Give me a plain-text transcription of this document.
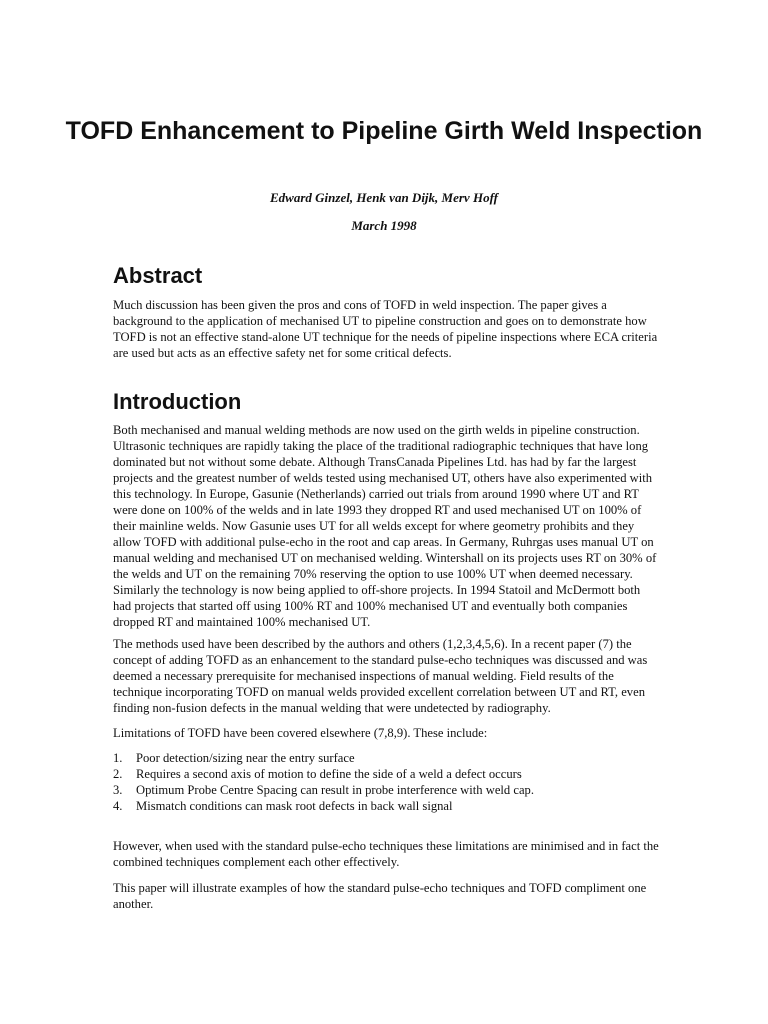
TOFD Enhancement to Pipeline Girth Weld Inspection
Edward Ginzel, Henk van Dijk, Merv Hoff
March 1998
Abstract

Much discussion has been given the pros and cons of TOFD in weld inspection. The paper gives a background to the application of mechanised UT to pipeline construction and goes on to demonstrate how TOFD is not an effective stand-alone UT technique for the needs of pipeline inspections where ECA criteria are used but acts as an effective safety net for some critical defects.

Introduction

Both mechanised and manual welding methods are now used on the girth welds in pipeline construction. Ultrasonic techniques are rapidly taking the place of the traditional radiographic techniques that have long dominated but not without some debate. Although TransCanada Pipelines Ltd. has had by far the largest projects and the greatest number of welds tested using mechanised UT, others have also experimented with this technology. In Europe, Gasunie (Netherlands) carried out trials from around 1990 where UT and RT were done on 100% of the welds and in late 1993 they dropped RT and used mechanised UT on 100% of their mainline welds. Now Gasunie uses UT for all welds except for where geometry prohibits and they allow TOFD with additional pulse-echo in the root and cap areas. In Germany, Ruhrgas uses manual UT on manual welding and mechanised UT on mechanised welding. Wintershall on its projects uses RT on 30% of the welds and UT on the remaining 70% reserving the option to use 100% UT when deemed necessary. Similarly the technology is now being applied to off-shore projects. In 1994 Statoil and McDermott both had projects that started off using 100% RT and 100% mechanised UT and eventually both companies dropped RT and maintained 100% mechanised UT.

The methods used have been described by the authors and others (1,2,3,4,5,6). In a recent paper (7) the concept of adding TOFD as an enhancement to the standard pulse-echo techniques was discussed and was deemed a necessary prerequisite for mechanised inspections of manual welding. Field results of the technique incorporating TOFD on manual welds provided excellent correlation between UT and RT, even finding non-fusion defects in the manual welding that were undetected by radiography.

Limitations of TOFD have been covered elsewhere (7,8,9). These include:

1. Poor detection/sizing near the entry surface
2. Requires a second axis of motion to define the side of a weld a defect occurs
3. Optimum Probe Centre Spacing can result in probe interference with weld cap.
4. Mismatch conditions can mask root defects in back wall signal

However, when used with the standard pulse-echo techniques these limitations are minimised and in fact the combined techniques complement each other effectively.

This paper will illustrate examples of how the standard pulse-echo techniques and TOFD compliment one another.
